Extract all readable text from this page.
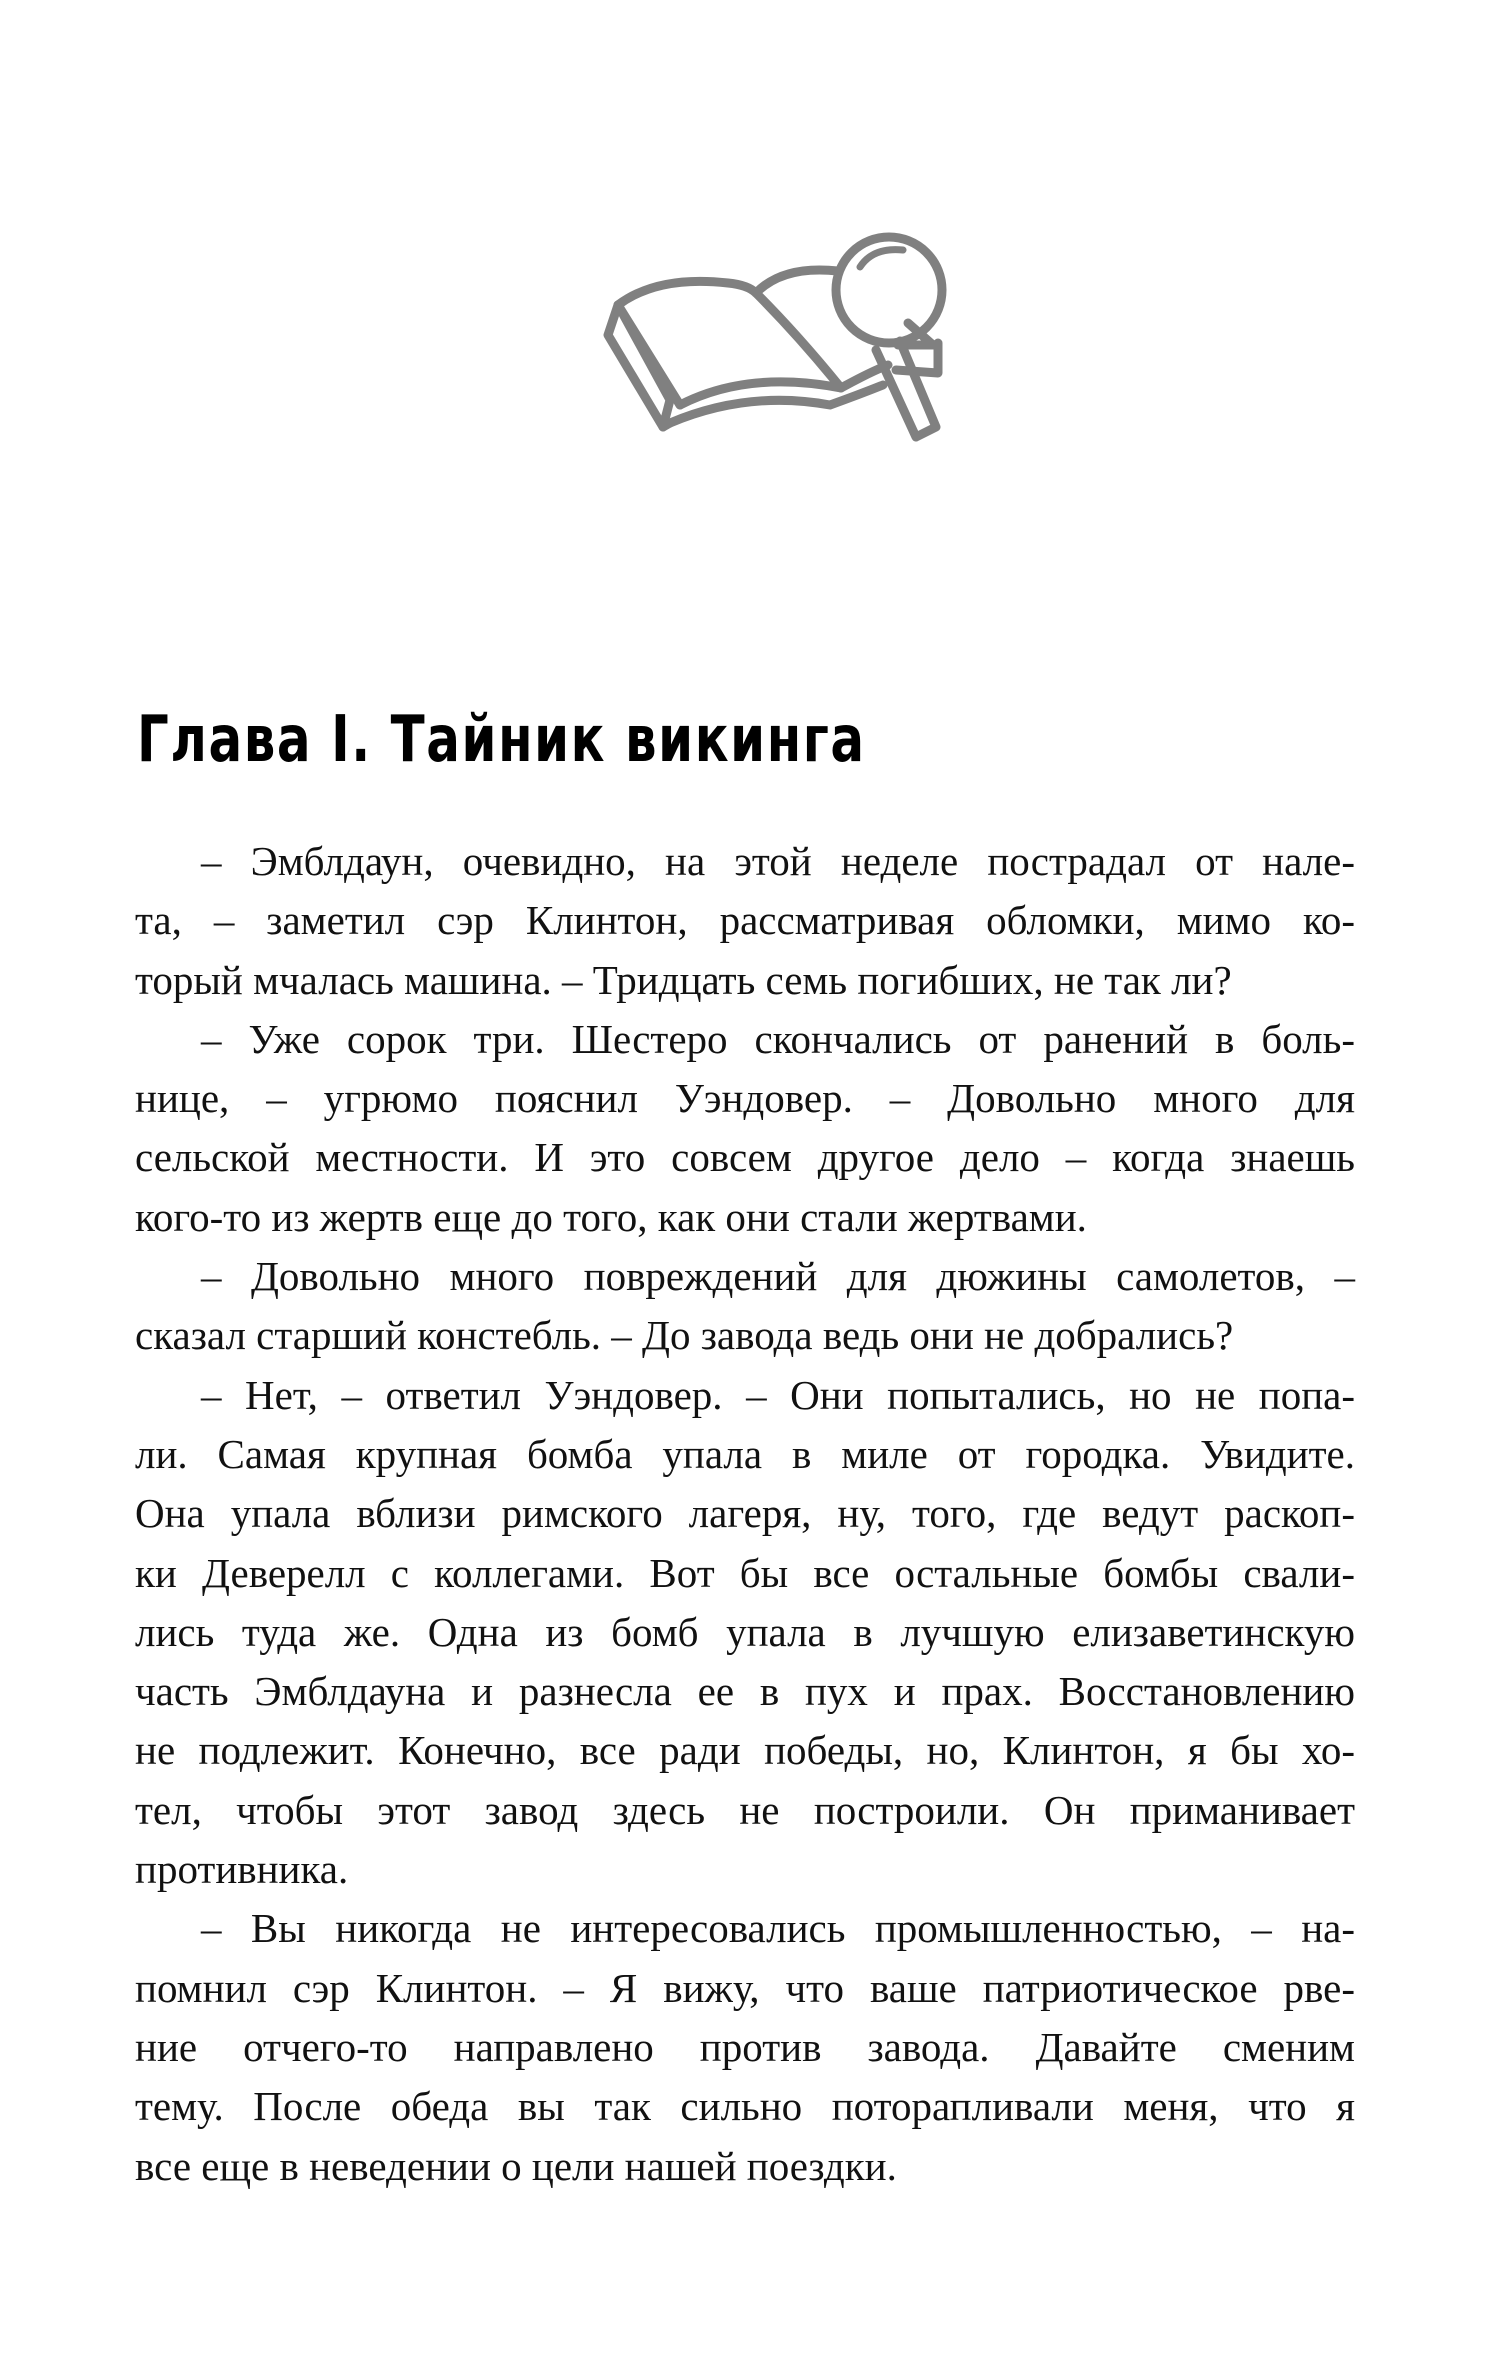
Глава I. Тайник викинга
– Эмблдаун, очевидно, на этой неделе пострадал от нале-
та, – заметил сэр Клинтон, рассматривая обломки, мимо ко-
торый мчалась машина. – Тридцать семь погибших, не так ли?
– Уже сорок три. Шестеро скончались от ранений в боль-
нице, – угрюмо пояснил Уэндовер. – Довольно много для
сельской местности. И это совсем другое дело – когда знаешь
кого-то из жертв еще до того, как они стали жертвами.
– Довольно много повреждений для дюжины самолетов, –
сказал старший констебль. – До завода ведь они не добрались?
– Нет, – ответил Уэндовер. – Они попытались, но не попа-
ли. Самая крупная бомба упала в миле от городка. Увидите.
Она упала вблизи римского лагеря, ну, того, где ведут раскоп-
ки Деверелл с коллегами. Вот бы все остальные бомбы свали-
лись туда же. Одна из бомб упала в лучшую елизаветинскую
часть Эмблдауна и разнесла ее в пух и прах. Восстановлению
не подлежит. Конечно, все ради победы, но, Клинтон, я бы хо-
тел, чтобы этот завод здесь не построили. Он приманивает
противника.
– Вы никогда не интересовались промышленностью, – на-
помнил сэр Клинтон. – Я вижу, что ваше патриотическое рве-
ние отчего-то направлено против завода. Давайте сменим
тему. После обеда вы так сильно поторапливали меня, что я
все еще в неведении о цели нашей поездки.
